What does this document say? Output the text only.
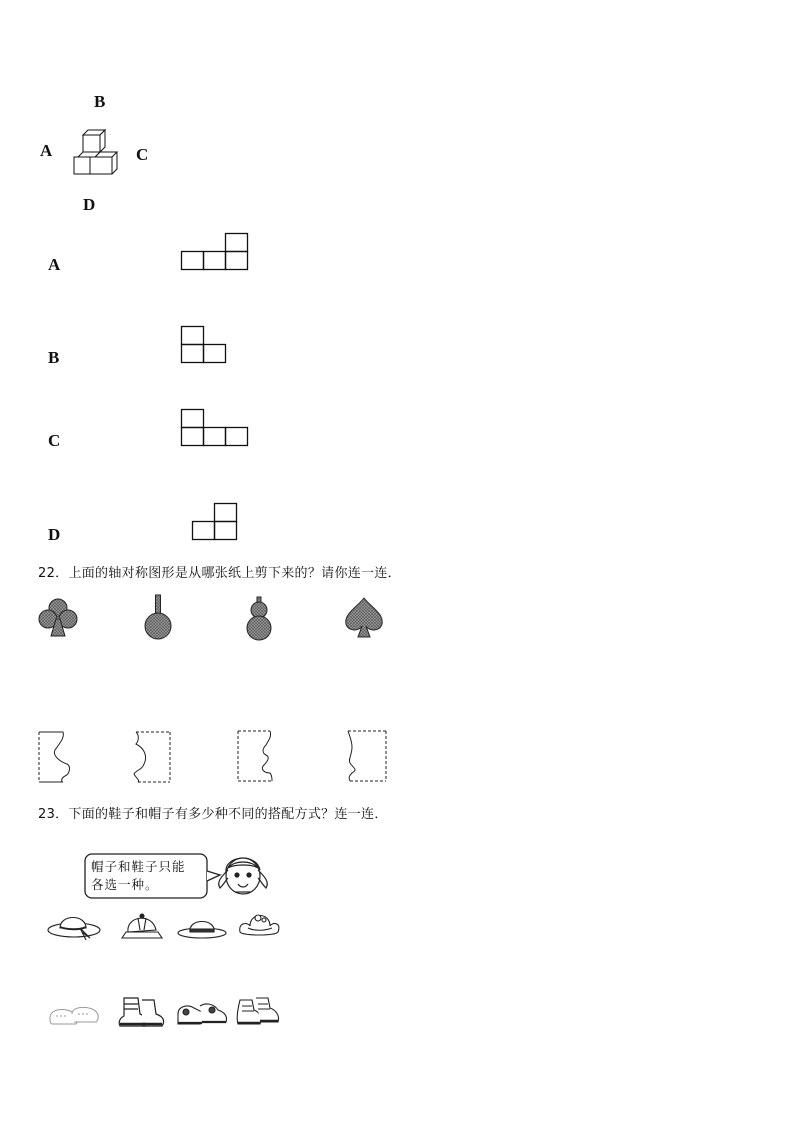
B
A	C
D
A
B
C
D
22．上面的轴对称图形是从哪张纸上剪下来的？请你连一连．
23．下面的鞋子和帽子有多少种不同的搭配方式？连一连．
帽子和鞋子只能
各选一种。
